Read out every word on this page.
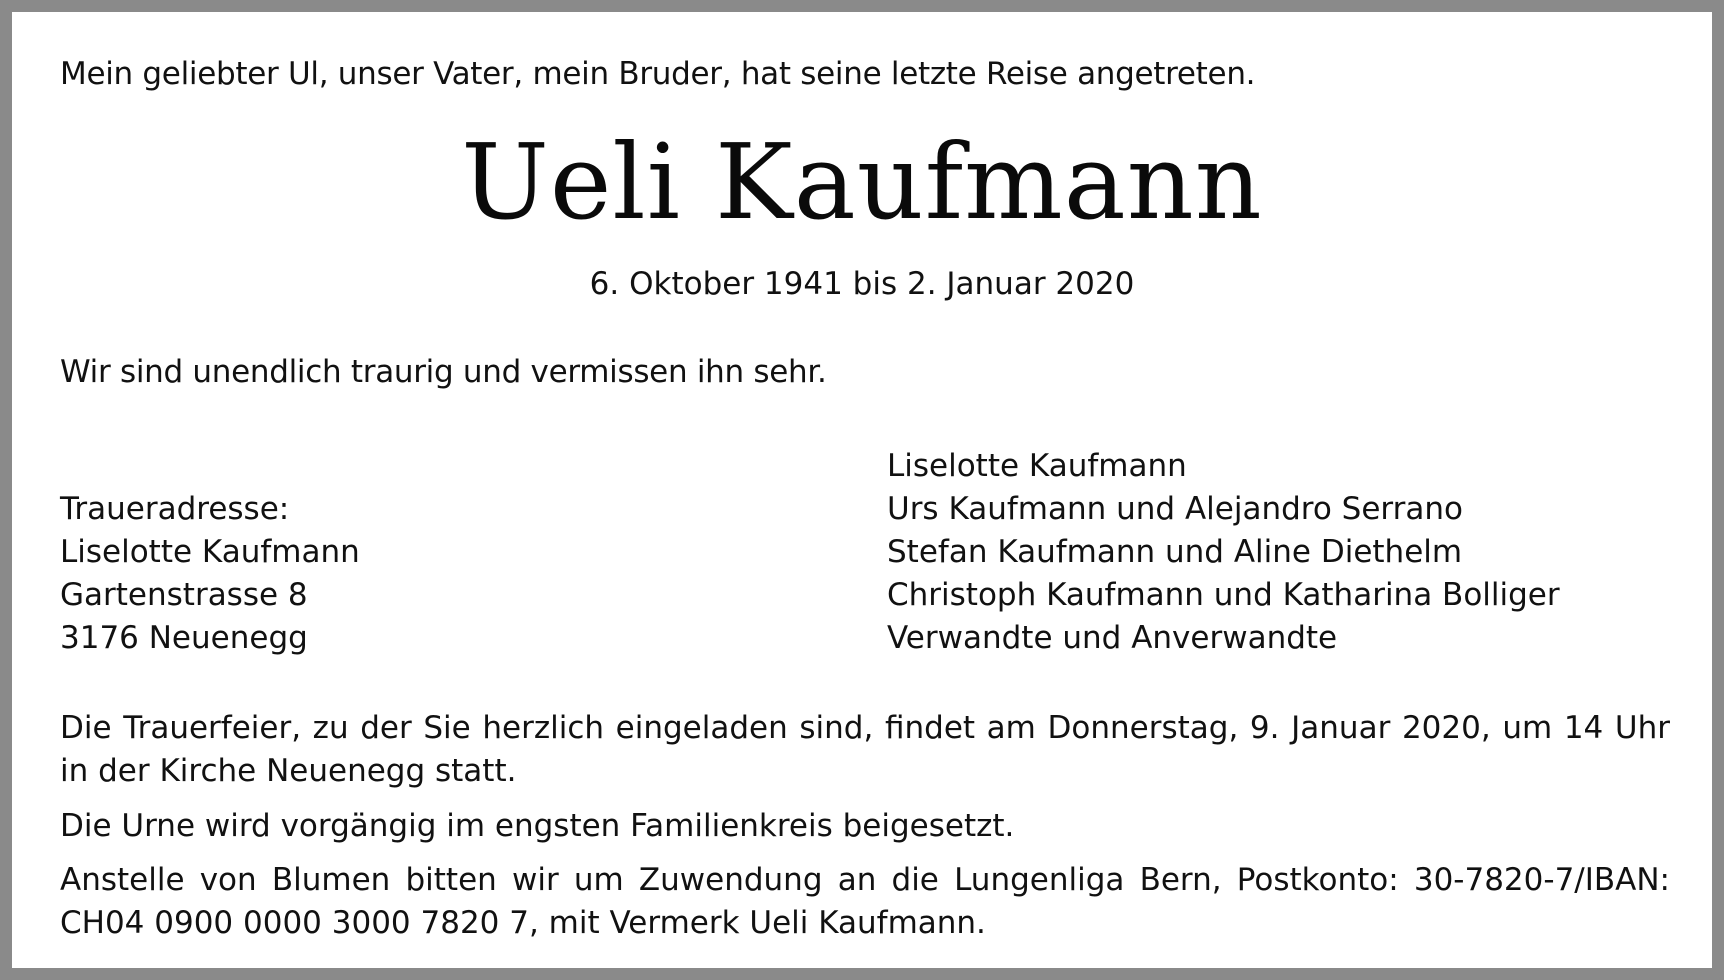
Mein geliebter Ul, unser Vater, mein Bruder, hat seine letzte Reise angetreten.
Ueli Kaufmann
6. Oktober 1941 bis 2. Januar 2020
Wir sind unendlich traurig und vermissen ihn sehr.
Traueradresse:
Liselotte Kaufmann
Gartenstrasse 8
3176 Neuenegg
Liselotte Kaufmann
Urs Kaufmann und Alejandro Serrano
Stefan Kaufmann und Aline Diethelm
Christoph Kaufmann und Katharina Bolliger
Verwandte und Anverwandte
Die Trauerfeier, zu der Sie herzlich eingeladen sind, findet am Donnerstag, 9. Januar 2020, um 14 Uhr in der Kirche Neuenegg statt.
Die Urne wird vorgängig im engsten Familienkreis beigesetzt.
Anstelle von Blumen bitten wir um Zuwendung an die Lungenliga Bern, Postkonto: 30-7820-7/IBAN: CH04 0900 0000 3000 7820 7, mit Vermerk Ueli Kaufmann.
